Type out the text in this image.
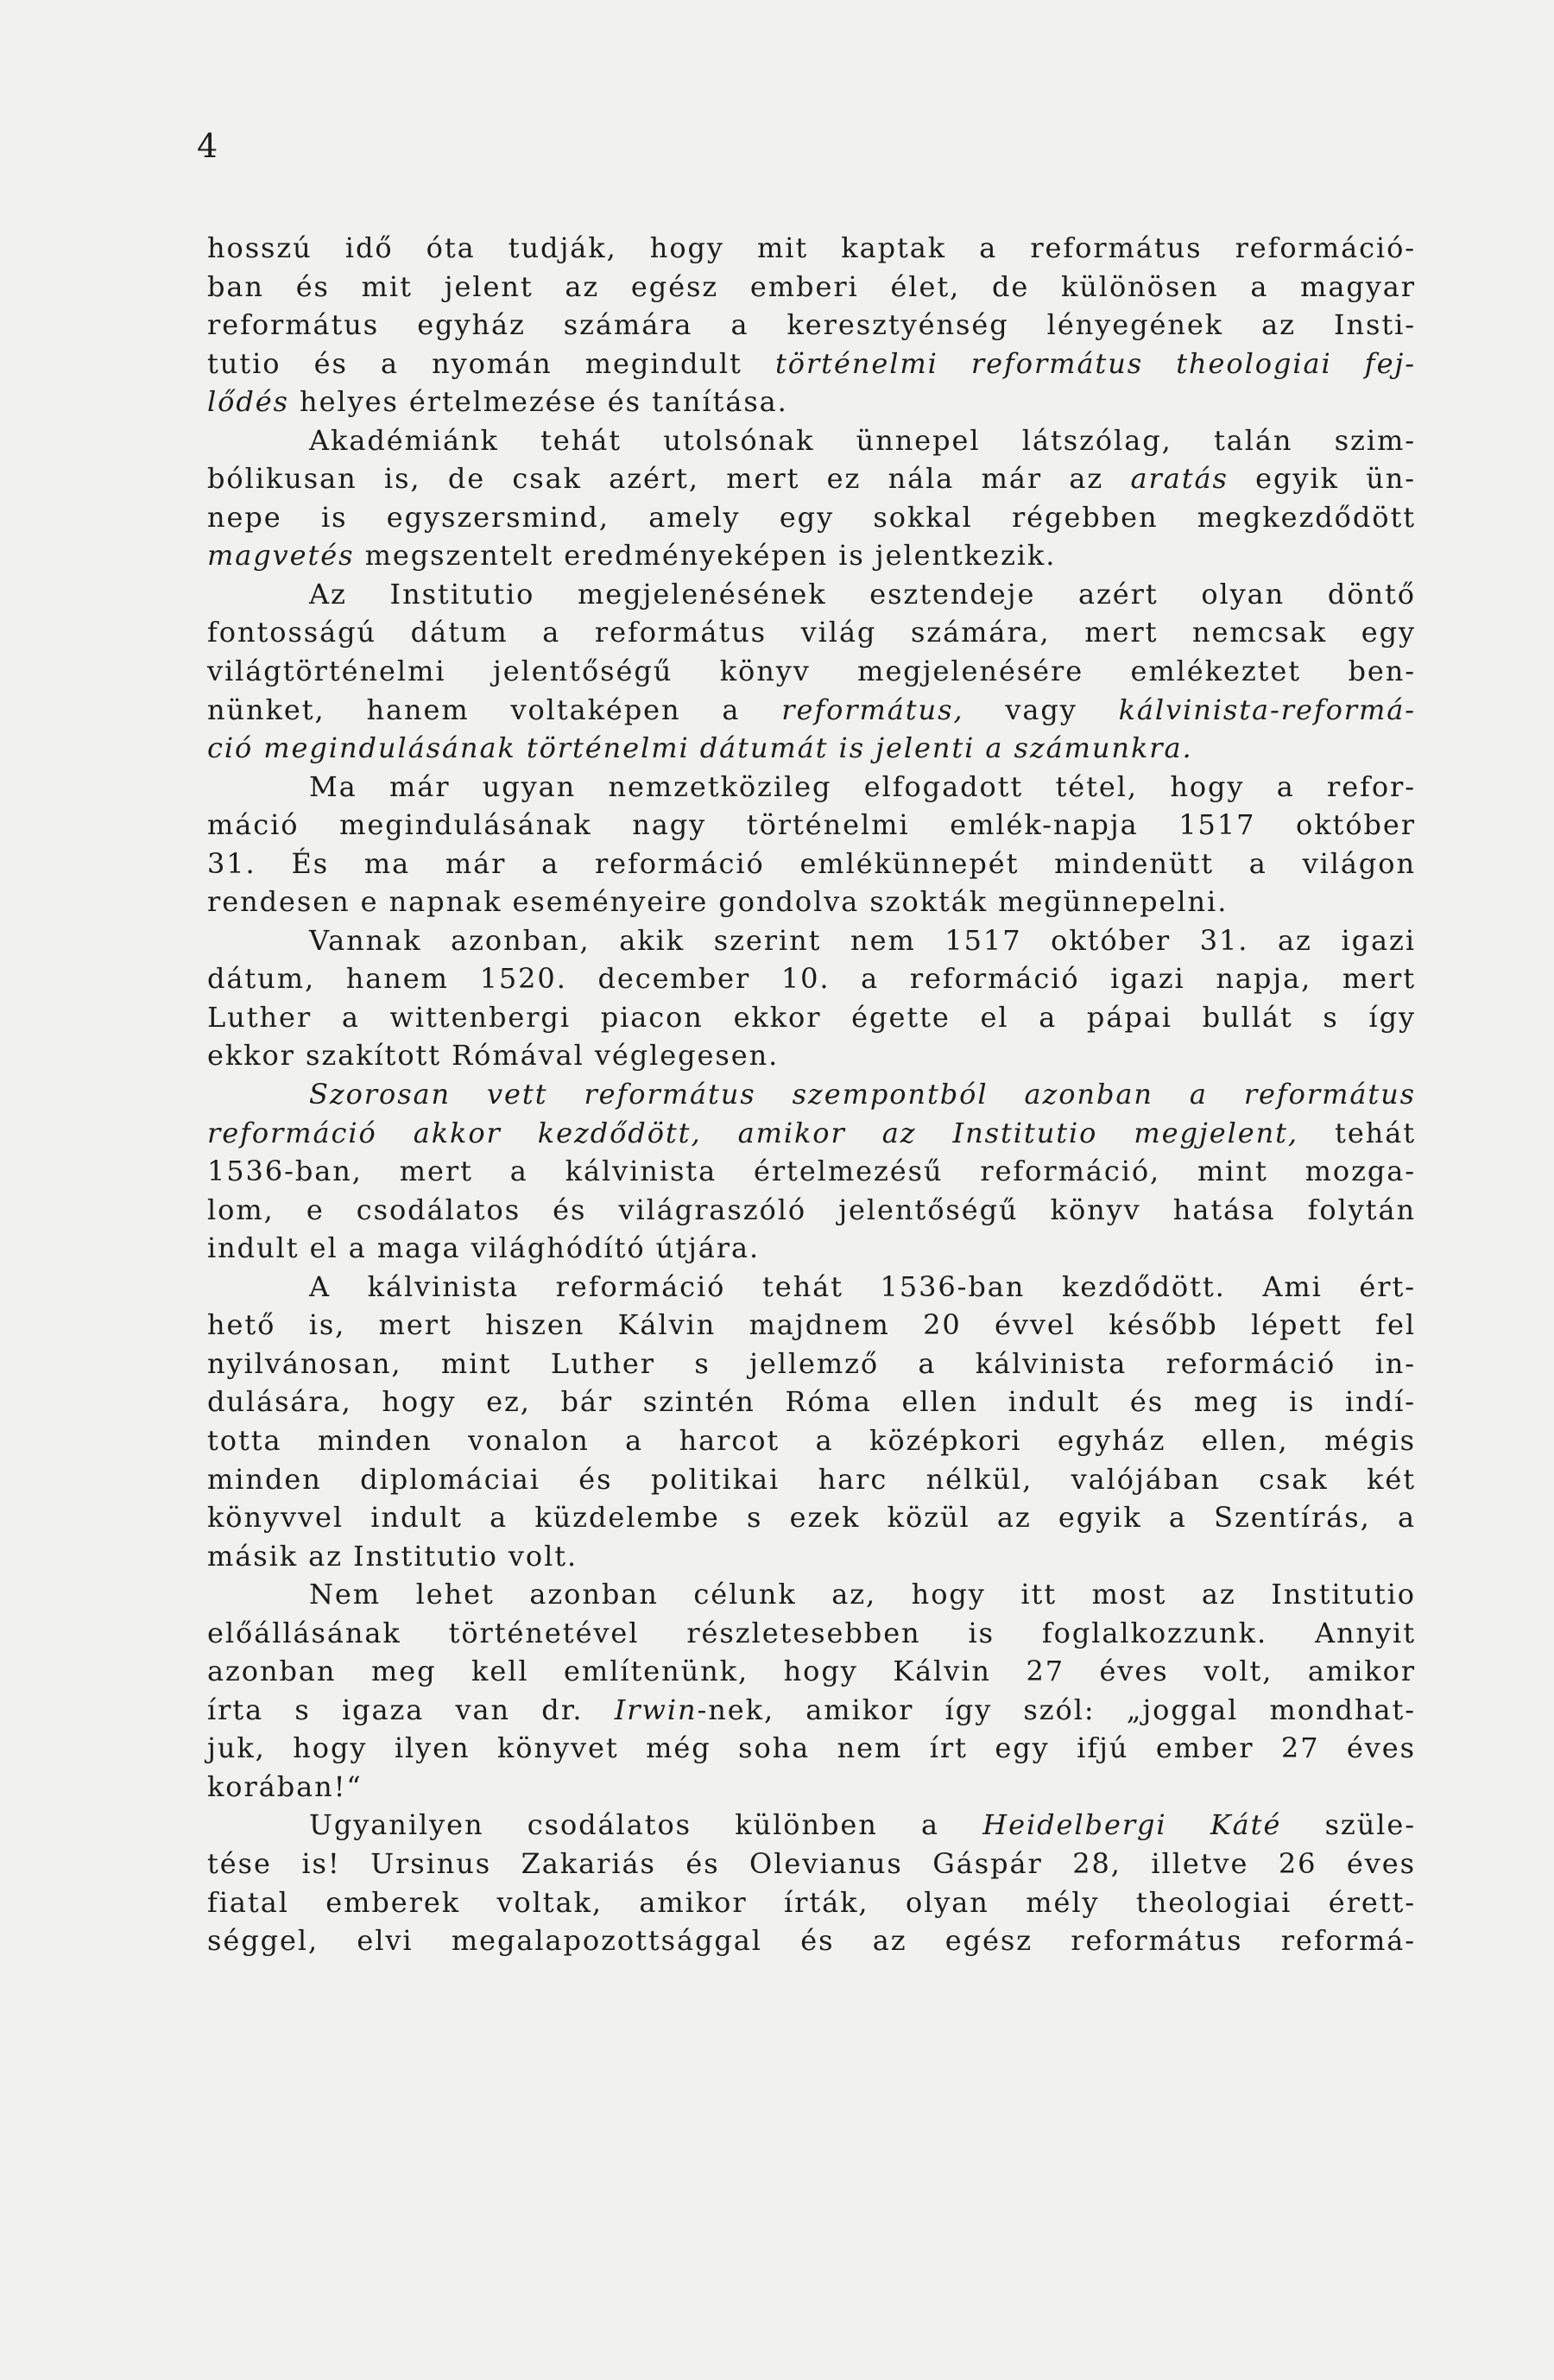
4
hosszú idő óta tudják, hogy mit kaptak a református reformáció-
ban és mit jelent az egész emberi élet, de különösen a magyar
református egyház számára a keresztyénség lényegének az Insti-
tutio és a nyomán megindult történelmi református theologiai fej-
lődés helyes értelmezése és tanítása.
Akadémiánk tehát utolsónak ünnepel látszólag, talán szim-
bólikusan is, de csak azért, mert ez nála már az aratás egyik ün-
nepe is egyszersmind, amely egy sokkal régebben megkezdődött
magvetés megszentelt eredményeképen is jelentkezik.
Az Institutio megjelenésének esztendeje azért olyan döntő
fontosságú dátum a református világ számára, mert nemcsak egy
világtörténelmi jelentőségű könyv megjelenésére emlékeztet ben-
nünket, hanem voltaképen a református, vagy kálvinista-reformá-
ció megindulásának történelmi dátumát is jelenti a számunkra.
Ma már ugyan nemzetközileg elfogadott tétel, hogy a refor-
máció megindulásának nagy történelmi emlék-napja 1517 október
31. És ma már a reformáció emlékünnepét mindenütt a világon
rendesen e napnak eseményeire gondolva szokták megünnepelni.
Vannak azonban, akik szerint nem 1517 október 31. az igazi
dátum, hanem 1520. december 10. a reformáció igazi napja, mert
Luther a wittenbergi piacon ekkor égette el a pápai bullát s így
ekkor szakított Rómával véglegesen.
Szorosan vett református szempontból azonban a református
reformáció akkor kezdődött, amikor az Institutio megjelent, tehát
1536-ban, mert a kálvinista értelmezésű reformáció, mint mozga-
lom, e csodálatos és világraszóló jelentőségű könyv hatása folytán
indult el a maga világhódító útjára.
A kálvinista reformáció tehát 1536-ban kezdődött. Ami ért-
hető is, mert hiszen Kálvin majdnem 20 évvel később lépett fel
nyilvánosan, mint Luther s jellemző a kálvinista reformáció in-
dulására, hogy ez, bár szintén Róma ellen indult és meg is indí-
totta minden vonalon a harcot a középkori egyház ellen, mégis
minden diplomáciai és politikai harc nélkül, valójában csak két
könyvvel indult a küzdelembe s ezek közül az egyik a Szentírás, a
másik az Institutio volt.
Nem lehet azonban célunk az, hogy itt most az Institutio
előállásának történetével részletesebben is foglalkozzunk. Annyit
azonban meg kell említenünk, hogy Kálvin 27 éves volt, amikor
írta s igaza van dr. Irwin-nek, amikor így szól: „joggal mondhat-
juk, hogy ilyen könyvet még soha nem írt egy ifjú ember 27 éves
korában!“
Ugyanilyen csodálatos különben a Heidelbergi Káté szüle-
tése is! Ursinus Zakariás és Olevianus Gáspár 28, illetve 26 éves
fiatal emberek voltak, amikor írták, olyan mély theologiai érett-
séggel, elvi megalapozottsággal és az egész református reformá-
